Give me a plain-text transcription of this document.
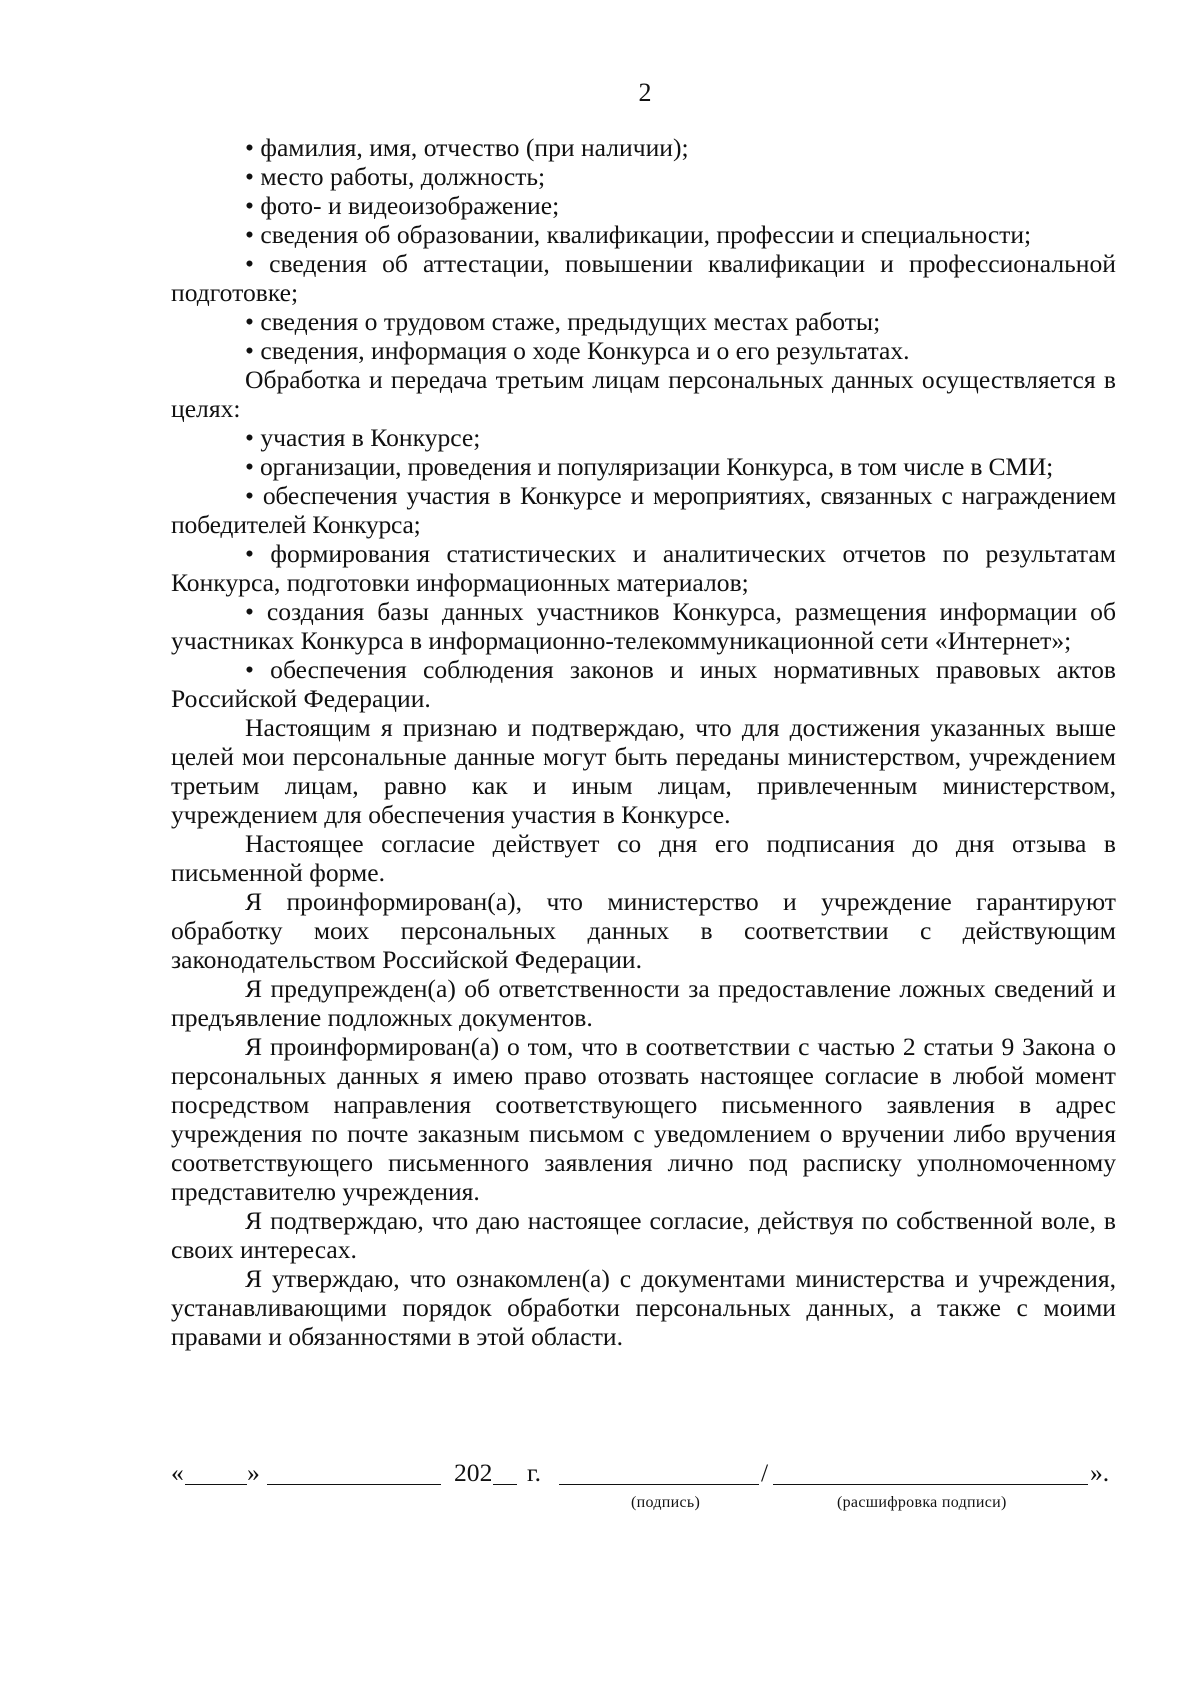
2

• фамилия, имя, отчество (при наличии);

• место работы, должность;

• фото- и видеоизображение;

• сведения об образовании, квалификации, профессии и специальности;

• сведения об аттестации, повышении квалификации и профессиональной подготовке;

• сведения о трудовом стаже, предыдущих местах работы;

• сведения, информация о ходе Конкурса и о его результатах.

Обработка и передача третьим лицам персональных данных осуществляется в целях:

• участия в Конкурсе;

• организации, проведения и популяризации Конкурса, в том числе в СМИ;

• обеспечения участия в Конкурсе и мероприятиях, связанных с награждением победителей Конкурса;

• формирования статистических и аналитических отчетов по результатам Конкурса, подготовки информационных материалов;

• создания базы данных участников Конкурса, размещения информации об участниках Конкурса в информационно-телекоммуникационной сети «Интернет»;

• обеспечения соблюдения законов и иных нормативных правовых актов Российской Федерации.

Настоящим я признаю и подтверждаю, что для достижения указанных выше целей мои персональные данные могут быть переданы министерством, учреждением третьим лицам, равно как и иным лицам, привлеченным министерством, учреждением для обеспечения участия в Конкурсе.

Настоящее согласие действует со дня его подписания до дня отзыва в письменной форме.

Я проинформирован(а), что министерство и учреждение гарантируют обработку моих персональных данных в соответствии с действующим законодательством Российской Федерации.

Я предупрежден(а) об ответственности за предоставление ложных сведений и предъявление подложных документов.

Я проинформирован(а) о том, что в соответствии с частью 2 статьи 9 Закона о персональных данных я имею право отозвать настоящее согласие в любой момент посредством направления соответствующего письменного заявления в адрес учреждения по почте заказным письмом с уведомлением о вручении либо вручения соответствующего письменного заявления лично под расписку уполномоченному представителю учреждения.

Я подтверждаю, что даю настоящее согласие, действуя по собственной воле, в своих интересах.

Я утверждаю, что ознакомлен(а) с документами министерства и учреждения, устанавливающими порядок обработки персональных данных, а также с моими правами и обязанностями в этой области.

« »	202 г.	/	».
(подпись)	(расшифровка подписи)
